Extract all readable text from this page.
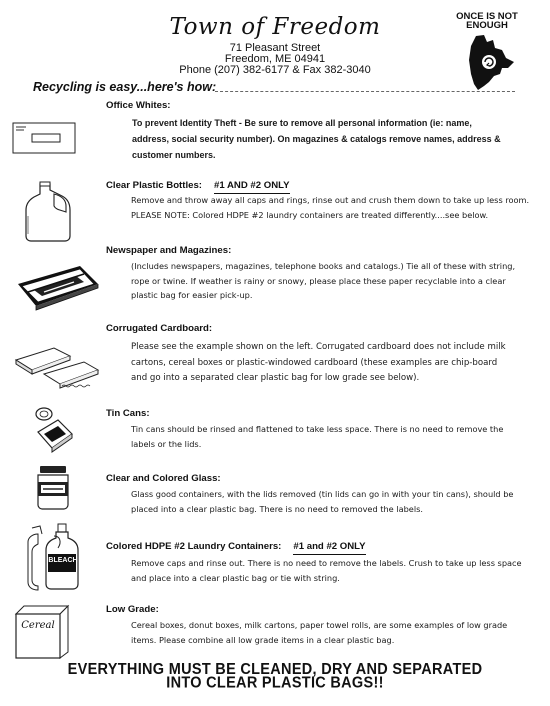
Town of Freedom
71 Pleasant Street
Freedom, ME 04941
Phone (207) 382-6177 & Fax 382-3040
ONCE IS NOT
ENOUGH
Recycling is easy...here's how:
Office Whites:
To prevent Identity Theft - Be sure to remove all personal information (ie: name,
address, social security number). On magazines & catalogs remove names, address &
customer numbers.
Clear Plastic Bottles: #1 AND #2 ONLY
Remove and throw away all caps and rings, rinse out and crush them down to take up less room.
PLEASE NOTE: Colored HDPE #2 laundry containers are treated differently....see below.
Newspaper and Magazines:
(Includes newspapers, magazines, telephone books and catalogs.) Tie all of these with string,
rope or twine. If weather is rainy or snowy, please place these paper recyclable into a clear
plastic bag for easier pick-up.
Corrugated Cardboard:
Please see the example shown on the left. Corrugated cardboard does not include milk
cartons, cereal boxes or plastic-windowed cardboard (these examples are chip-board
and go into a separated clear plastic bag for low grade see below).
Tin Cans:
Tin cans should be rinsed and flattened to take less space. There is no need to remove the
labels or the lids.
Clear and Colored Glass:
Glass good containers, with the lids removed (tin lids can go in with your tin cans), should be
placed into a clear plastic bag. There is no need to removed the labels.
Colored HDPE #2 Laundry Containers: #1 and #2 ONLY
Remove caps and rinse out. There is no need to remove the labels. Crush to take up less space
and place into a clear plastic bag or tie with string.
BLEACH
Low Grade:
Cereal boxes, donut boxes, milk cartons, paper towel rolls, are some examples of low grade
items. Please combine all low grade items in a clear plastic bag.
Cereal
EVERYTHING MUST BE CLEANED, DRY AND SEPARATED
INTO CLEAR PLASTIC BAGS!!
